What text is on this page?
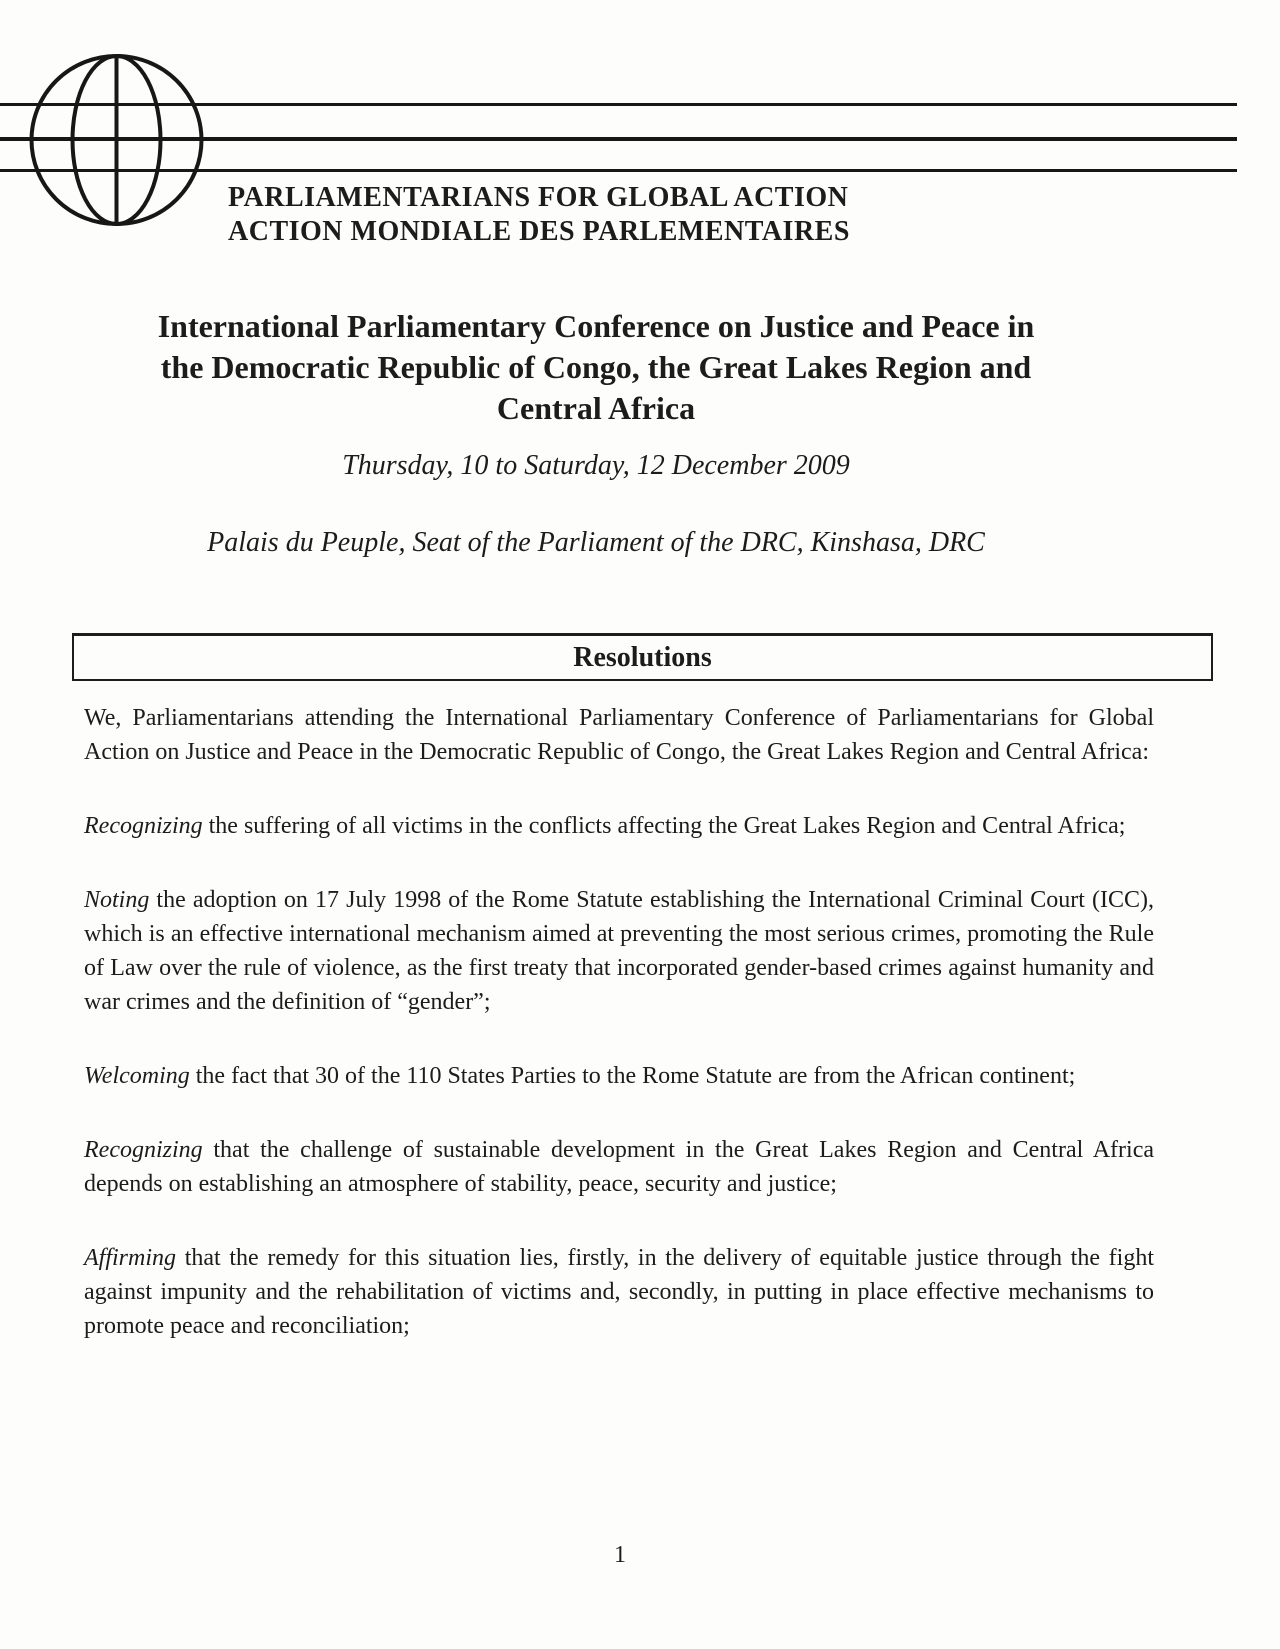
PARLIAMENTARIANS FOR GLOBAL ACTION
ACTION MONDIALE DES PARLEMENTAIRES
International Parliamentary Conference on Justice and Peace in
the Democratic Republic of Congo, the Great Lakes Region and
Central Africa
Thursday, 10 to Saturday, 12 December 2009
Palais du Peuple, Seat of the Parliament of the DRC, Kinshasa, DRC
Resolutions

We, Parliamentarians attending the International Parliamentary Conference of Parliamentarians for Global Action on Justice and Peace in the Democratic Republic of Congo, the Great Lakes Region and Central Africa:

Recognizing the suffering of all victims in the conflicts affecting the Great Lakes Region and Central Africa;

Noting the adoption on 17 July 1998 of the Rome Statute establishing the International Criminal Court (ICC), which is an effective international mechanism aimed at preventing the most serious crimes, promoting the Rule of Law over the rule of violence, as the first treaty that incorporated gender-based crimes against humanity and war crimes and the definition of “gender”;

Welcoming the fact that 30 of the 110 States Parties to the Rome Statute are from the African continent;

Recognizing that the challenge of sustainable development in the Great Lakes Region and Central Africa depends on establishing an atmosphere of stability, peace, security and justice;

Affirming that the remedy for this situation lies, firstly, in the delivery of equitable justice through the fight against impunity and the rehabilitation of victims and, secondly, in putting in place effective mechanisms to promote peace and reconciliation;

1
